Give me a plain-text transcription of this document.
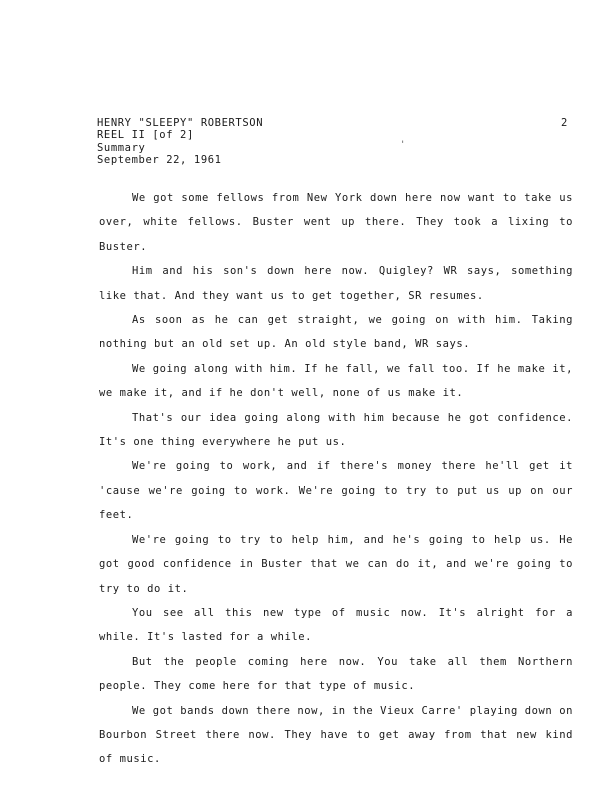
HENRY "SLEEPY" ROBERTSON
REEL II [of 2]
Summary
September 22, 1961
2
'

We got some fellows from New York down here now want to take us over, white fellows. Buster went up there. They took a lixing to Buster.

Him and his son's down here now. Quigley? WR says, something like that. And they want us to get together, SR resumes.

As soon as he can get straight, we going on with him. Taking nothing but an old set up. An old style band, WR says.

We going along with him. If he fall, we fall too. If he make it, we make it, and if he don't well, none of us make it.

That's our idea going along with him because he got confidence. It's one thing everywhere he put us.

We're going to work, and if there's money there he'll get it 'cause we're going to work. We're going to try to put us up on our feet.

We're going to try to help him, and he's going to help us. He got good confidence in Buster that we can do it, and we're going to try to do it.

You see all this new type of music now. It's alright for a while. It's lasted for a while.

But the people coming here now. You take all them Northern people. They come here for that type of music.

We got bands down there now, in the Vieux Carre' playing down on Bourbon Street there now. They have to get away from that new kind of music.
